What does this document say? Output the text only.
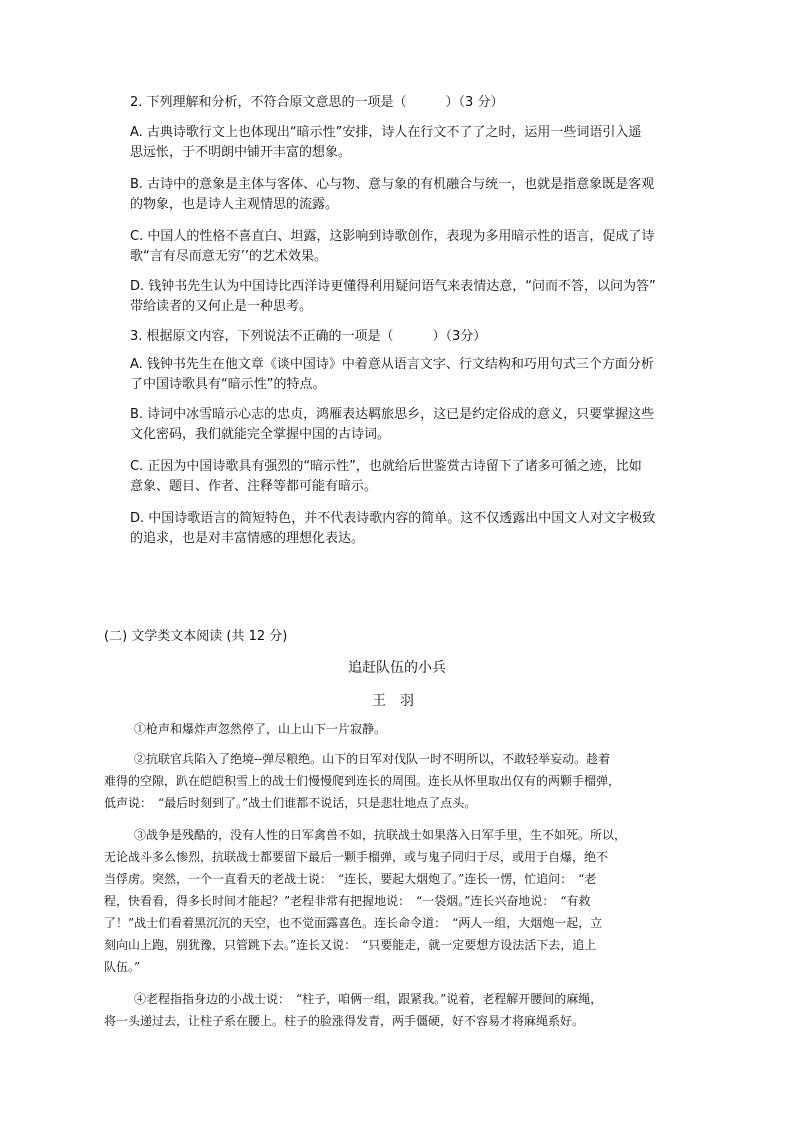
2. 下列理解和分析，不符合原文意思的一项是（　　　）（3 分）
A. 古典诗歌行文上也体现出“暗示性”安排，诗人在行文不了了之时，运用一些词语引入遥
思远怅，于不明朗中铺开丰富的想象。
B. 古诗中的意象是主体与客体、心与物、意与象的有机融合与统一，也就是指意象既是客观
的物象，也是诗人主观情思的流露。
C. 中国人的性格不喜直白、坦露，这影响到诗歌创作，表现为多用暗示性的语言，促成了诗
歌“言有尽而意无穷’’的艺术效果。
D. 钱钟书先生认为中国诗比西洋诗更懂得利用疑问语气来表情达意，“问而不答，以问为答”
带给读者的又何止是一种思考。
3. 根据原文内容，下列说法不正确的一项是（　　　）（3分）
A. 钱钟书先生在他文章《谈中国诗》中着意从语言文字、行文结构和巧用句式三个方面分析
了中国诗歌具有“暗示性”的特点。
B. 诗词中冰雪暗示心志的忠贞，鸿雁表达羁旅思乡，这已是约定俗成的意义，只要掌握这些
文化密码，我们就能完全掌握中国的古诗词。
C. 正因为中国诗歌具有强烈的“暗示性”，也就给后世鉴赏古诗留下了诸多可循之迹，比如
意象、题目、作者、注释等都可能有暗示。
D. 中国诗歌语言的简短特色，并不代表诗歌内容的简单。这不仅透露出中国文人对文字极致
的追求，也是对丰富情感的理想化表达。
(二) 文学类文本阅读 (共 12 分)
追赶队伍的小兵
王　羽
①枪声和爆炸声忽然停了，山上山下一片寂静。
②抗联官兵陷入了绝境--弹尽粮绝。山下的日军对伐队一时不明所以，不敢轻举妄动。趁着
难得的空隙，趴在皑皑积雪上的战士们慢慢爬到连长的周围。连长从怀里取出仅有的两颗手榴弹，
低声说：　“最后时刻到了。”战士们谁都不说话，只是悲壮地点了点头。
③战争是残酷的，没有人性的日军禽兽不如，抗联战士如果落入日军手里，生不如死。所以，
无论战斗多么惨烈，抗联战士都要留下最后一颗手榴弹，或与鬼子同归于尽，或用于自爆，绝不
当俘虏。突然，一个一直看天的老战士说：　“连长，要起大烟炮了。”连长一愣，忙追问：　“老
程，快看看，得多长时间才能起？”老程非常有把握地说：　“一袋烟。”连长兴奋地说：　“有救
了！”战士们看着黑沉沉的天空，也不觉面露喜色。连长命令道：　“两人一组，大烟炮一起，立
刻向山上跑，别犹豫，只管跳下去。”连长又说：　“只要能走，就一定要想方设法活下去，追上
队伍。”
④老程指指身边的小战士说：　“柱子，咱俩一组，跟紧我。”说着，老程解开腰间的麻绳，
将一头递过去，让柱子系在腰上。柱子的脸涨得发青，两手僵硬，好不容易才将麻绳系好。
